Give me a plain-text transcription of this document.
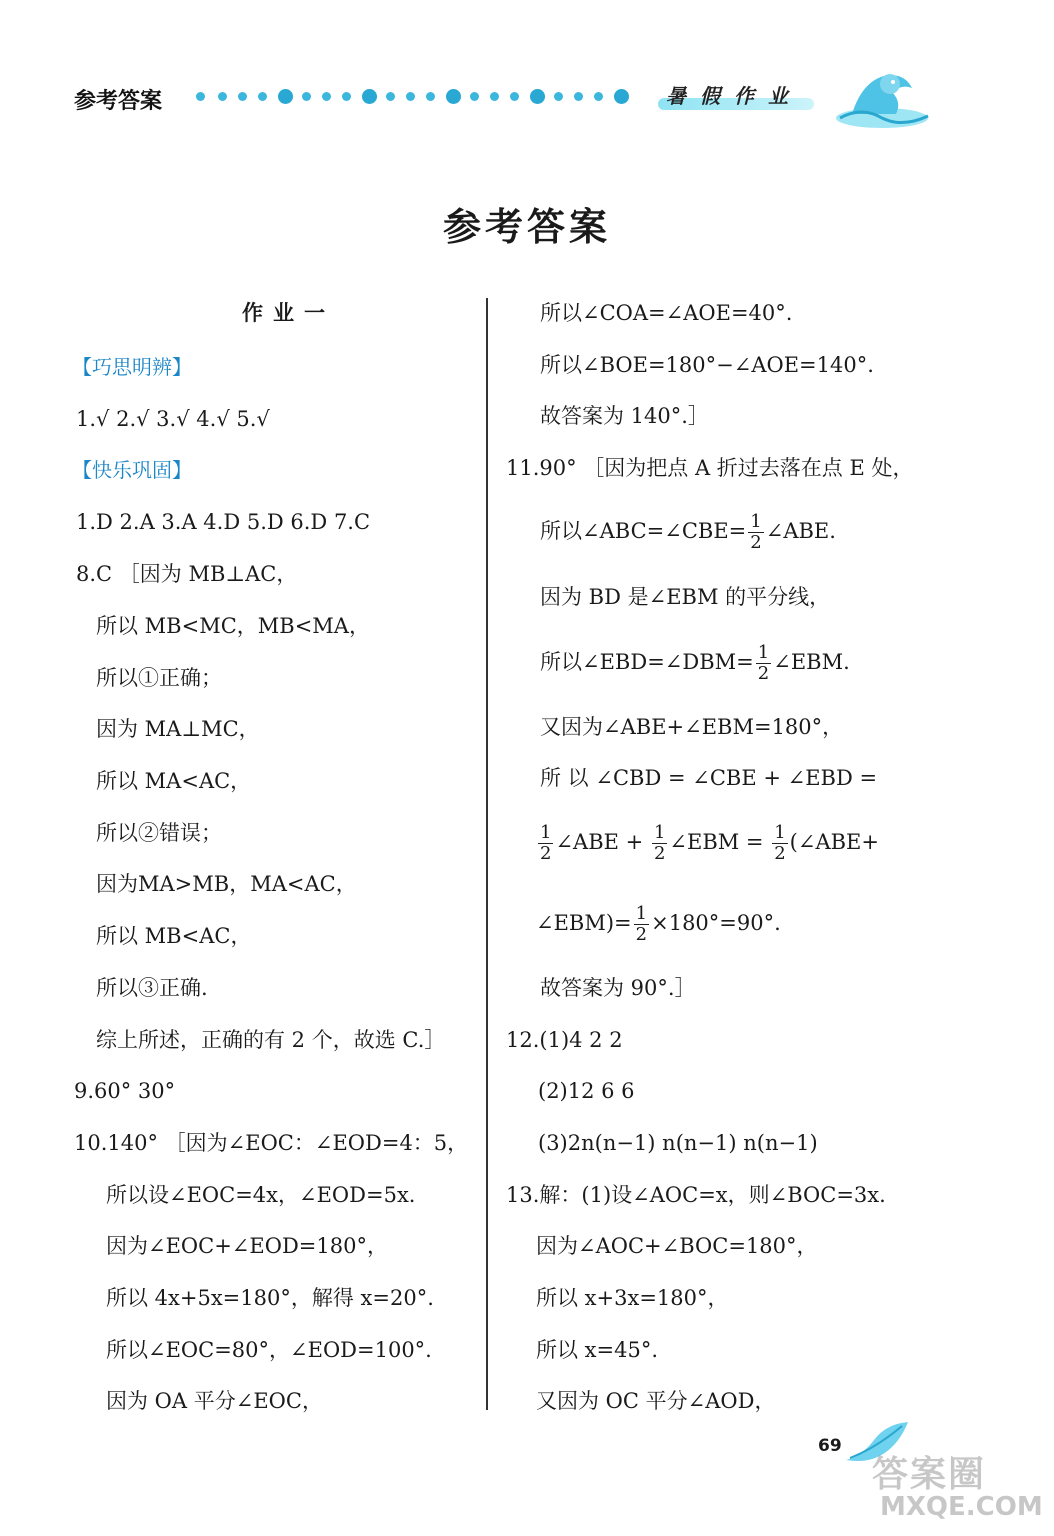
参考答案	暑假作业
参考答案
作业一
【巧思明辨】
1.√ 2.√ 3.√ 4.√ 5.√
【快乐巩固】
1.D 2.A 3.A 4.D 5.D 6.D 7.C
8.C ［因为 MB⊥AC，
所以 MB<MC，MB<MA，
所以①正确；
因为 MA⊥MC，
所以 MA<AC，
所以②错误；
因为MA>MB，MA<AC，
所以 MB<AC，
所以③正确.
综上所述，正确的有 2 个，故选 C.］
9.60° 30°
10.140° ［因为∠EOC：∠EOD=4：5，
所以设∠EOC=4x，∠EOD=5x.
因为∠EOC+∠EOD=180°，
所以 4x+5x=180°，解得 x=20°.
所以∠EOC=80°，∠EOD=100°.
因为 OA 平分∠EOC，
所以∠COA=∠AOE=40°.
所以∠BOE=180°−∠AOE=140°.
故答案为 140°.］
11.90° ［因为把点 A 折过去落在点 E 处，
所以∠ABC=∠CBE= $\frac{1}{2}$ ∠ABE.
因为 BD 是∠EBM 的平分线，
所以∠EBD=∠DBM= $\frac{1}{2}$ ∠EBM.
又因为∠ABE+∠EBM=180°，
所 以 ∠CBD = ∠CBE + ∠EBD =
$\frac{1}{2}$ ∠ABE + $\frac{1}{2}$ ∠EBM = $\frac{1}{2}$ (∠ABE+
∠EBM)= $\frac{1}{2} \times 180^\circ=90^\circ$.
故答案为 90°.］
12.(1)4 2 2
(2)12 6 6
(3)2n(n−1) n(n−1) n(n−1)
13.解：(1)设∠AOC=x，则∠BOC=3x.
因为∠AOC+∠BOC=180°，
所以 x+3x=180°，
所以 x=45°.
又因为 OC 平分∠AOD，
69
答案圈
MXQE.COM
